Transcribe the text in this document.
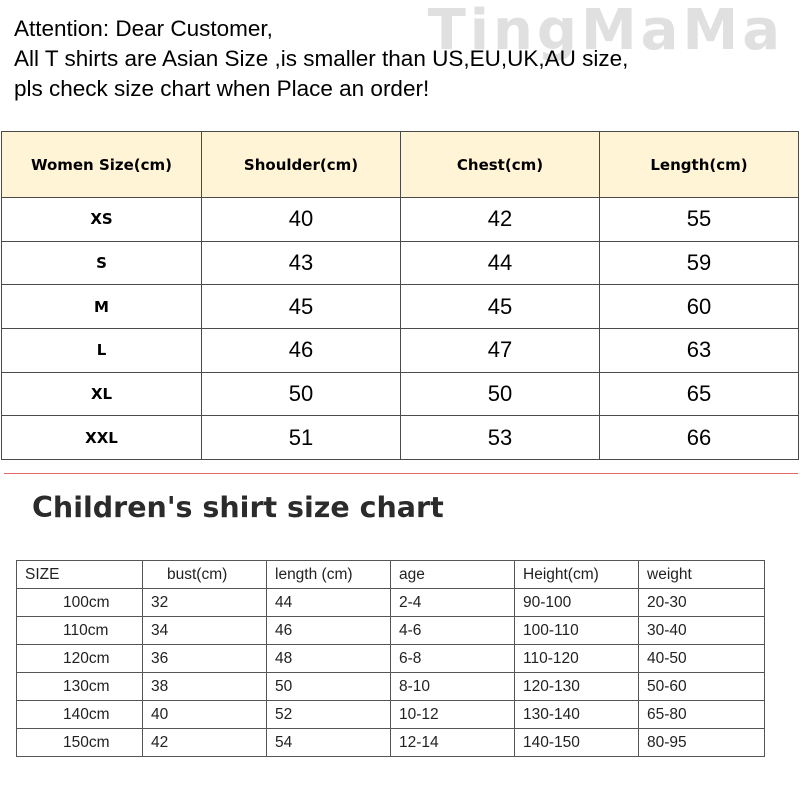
TingMaMa
Attention: Dear Customer,
All T shirts are Asian Size ,is smaller than US,EU,UK,AU size,
pls check size chart when Place an order!
Women Size(cm)	Shoulder(cm)	Chest(cm)	Length(cm)
XS	40	42	55
S	43	44	59
M	45	45	60
L	46	47	63
XL	50	50	65
XXL	51	53	66
Children's shirt size chart
SIZE	bust(cm)	length (cm)	age	Height(cm)	weight
100cm	32	44	2-4	90-100	20-30
110cm	34	46	4-6	100-110	30-40
120cm	36	48	6-8	110-120	40-50
130cm	38	50	8-10	120-130	50-60
140cm	40	52	10-12	130-140	65-80
150cm	42	54	12-14	140-150	80-95
